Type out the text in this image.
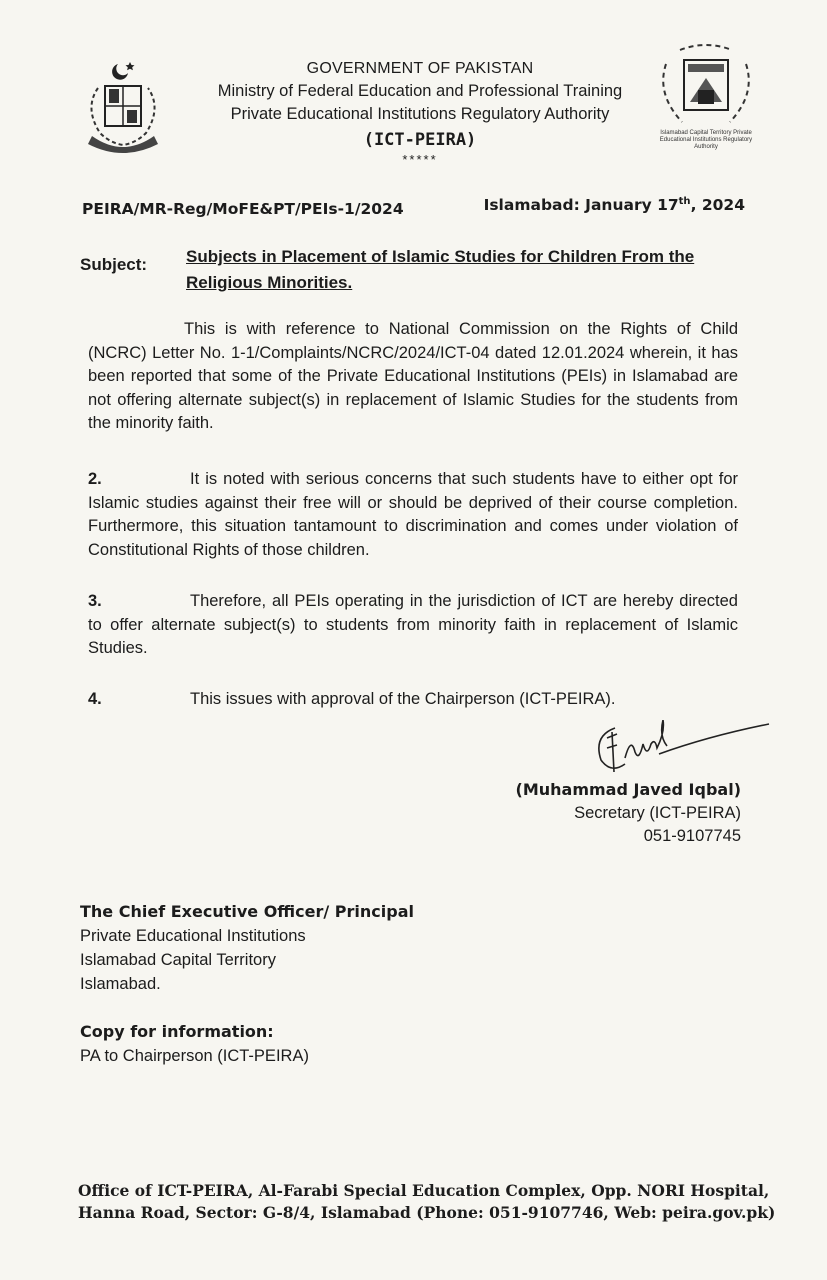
GOVERNMENT OF PAKISTAN
Ministry of Federal Education and Professional Training
Private Educational Institutions Regulatory Authority
(ICT-PEIRA)
*****
Islamabad Capital Territory Private Educational Institutions Regulatory Authority
PEIRA/MR-Reg/MoFE&PT/PEIs-1/2024	Islamabad: January 17th, 2024
Subject: Subjects in Placement of Islamic Studies for Children From the Religious Minorities.
This is with reference to National Commission on the Rights of Child (NCRC) Letter No. 1-1/Complaints/NCRC/2024/ICT-04 dated 12.01.2024 wherein, it has been reported that some of the Private Educational Institutions (PEIs) in Islamabad are not offering alternate subject(s) in replacement of Islamic Studies for the students from the minority faith.
2.	It is noted with serious concerns that such students have to either opt for Islamic studies against their free will or should be deprived of their course completion. Furthermore, this situation tantamount to discrimination and comes under violation of Constitutional Rights of those children.
3.	Therefore, all PEIs operating in the jurisdiction of ICT are hereby directed to offer alternate subject(s) to students from minority faith in replacement of Islamic Studies.
4.	This issues with approval of the Chairperson (ICT-PEIRA).
(Muhammad Javed Iqbal)
Secretary (ICT-PEIRA)
051-9107745
The Chief Executive Officer/ Principal
Private Educational Institutions
Islamabad Capital Territory
Islamabad.
Copy for information:
PA to Chairperson (ICT-PEIRA)
Office of ICT-PEIRA, Al-Farabi Special Education Complex, Opp. NORI Hospital,
Hanna Road, Sector: G-8/4, Islamabad (Phone: 051-9107746, Web: peira.gov.pk)
